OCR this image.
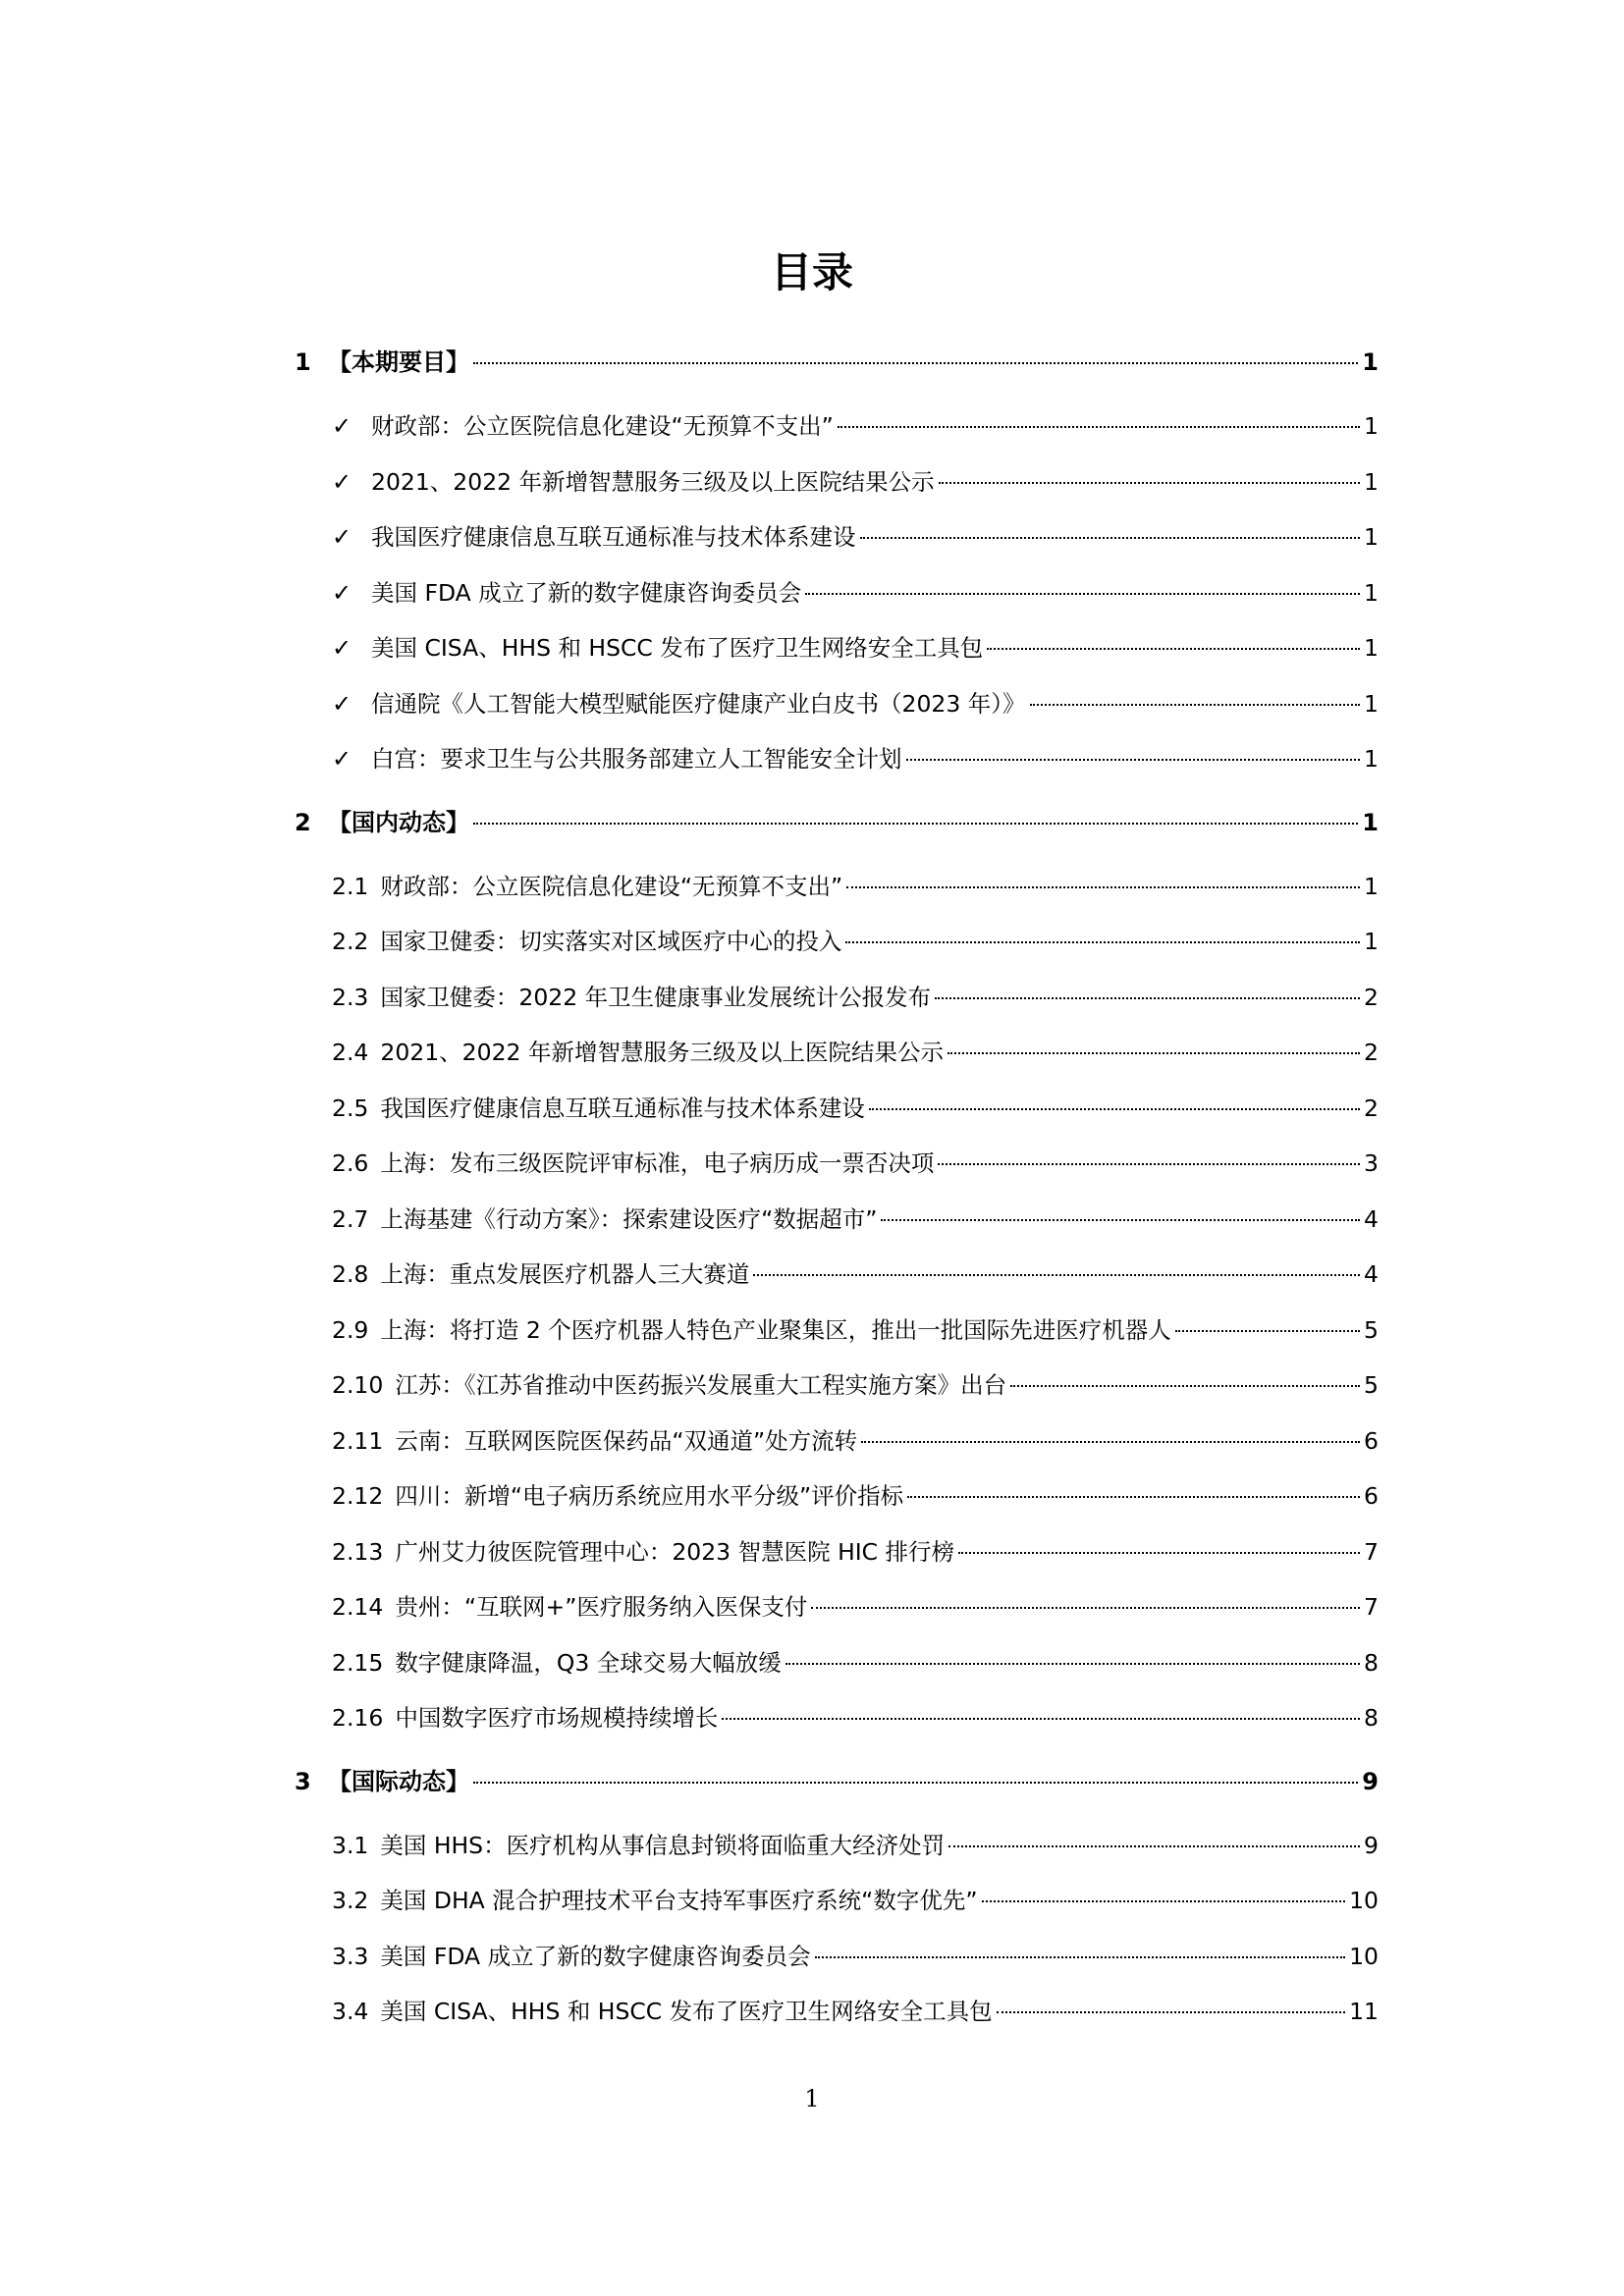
目录
1 【本期要目】	1
✓ 财政部：公立医院信息化建设“无预算不支出”	1
✓ 2021、2022 年新增智慧服务三级及以上医院结果公示	1
✓ 我国医疗健康信息互联互通标准与技术体系建设	1
✓ 美国 FDA 成立了新的数字健康咨询委员会	1
✓ 美国 CISA、HHS 和 HSCC 发布了医疗卫生网络安全工具包	1
✓ 信通院《人工智能大模型赋能医疗健康产业白皮书（2023 年）》	1
✓ 白宫：要求卫生与公共服务部建立人工智能安全计划	1
2 【国内动态】	1
2.1 财政部：公立医院信息化建设“无预算不支出”	1
2.2 国家卫健委：切实落实对区域医疗中心的投入	1
2.3 国家卫健委：2022 年卫生健康事业发展统计公报发布	2
2.4 2021、2022 年新增智慧服务三级及以上医院结果公示	2
2.5 我国医疗健康信息互联互通标准与技术体系建设	2
2.6 上海：发布三级医院评审标准，电子病历成一票否决项	3
2.7 上海基建《行动方案》：探索建设医疗“数据超市”	4
2.8 上海：重点发展医疗机器人三大赛道	4
2.9 上海：将打造 2 个医疗机器人特色产业聚集区，推出一批国际先进医疗机器人	5
2.10 江苏：《江苏省推动中医药振兴发展重大工程实施方案》出台	5
2.11 云南：互联网医院医保药品“双通道”处方流转	6
2.12 四川：新增“电子病历系统应用水平分级”评价指标	6
2.13 广州艾力彼医院管理中心：2023 智慧医院 HIC 排行榜	7
2.14 贵州：“互联网+”医疗服务纳入医保支付	7
2.15 数字健康降温，Q3 全球交易大幅放缓	8
2.16 中国数字医疗市场规模持续增长	8
3 【国际动态】	9
3.1 美国 HHS：医疗机构从事信息封锁将面临重大经济处罚	9
3.2 美国 DHA 混合护理技术平台支持军事医疗系统“数字优先”	10
3.3 美国 FDA 成立了新的数字健康咨询委员会	10
3.4 美国 CISA、HHS 和 HSCC 发布了医疗卫生网络安全工具包	11
1
